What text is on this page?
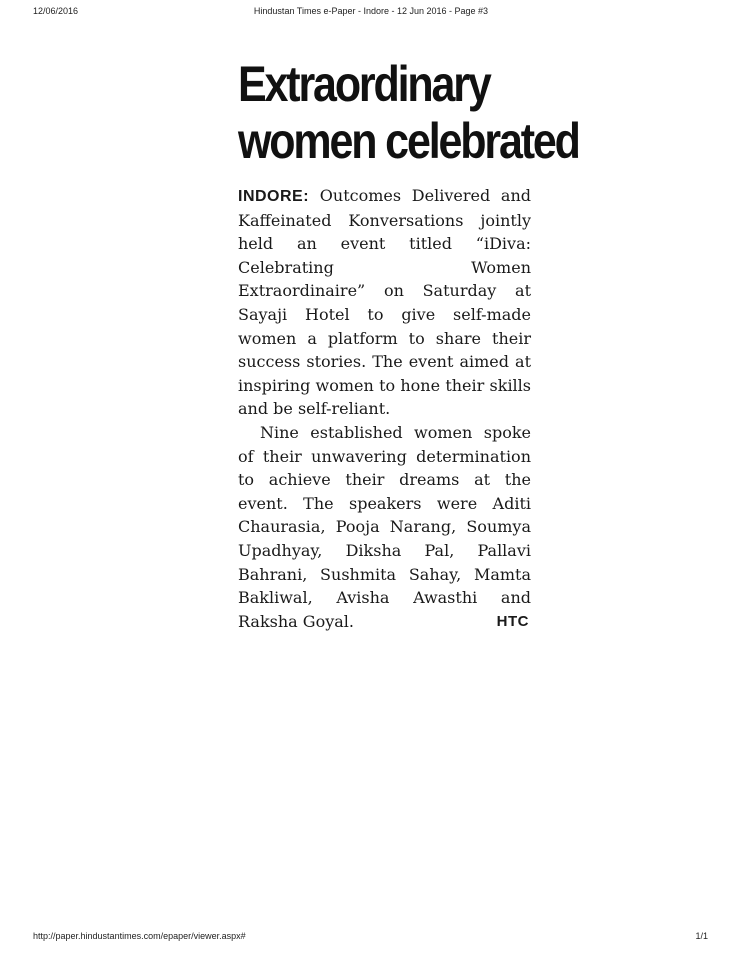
12/06/2016	Hindustan Times e-Paper - Indore - 12 Jun 2016 - Page #3
Extraordinary
women celebrated

INDORE: Outcomes Delivered and Kaffeinated Konversations jointly held an event titled “iDiva: Celebrating Women Extraordinaire” on Saturday at Sayaji Hotel to give self-made women a platform to share their success stories. The event aimed at inspiring women to hone their skills and be self-reliant.

Nine established women spoke of their unwavering determination to achieve their dreams at the event. The speakers were Aditi Chaurasia, Pooja Narang, Soumya Upadhyay, Diksha Pal, Pallavi Bahrani, Sushmita Sahay, Mamta Bakliwal, Avisha Awasthi and Raksha Goyal.	HTC

http://paper.hindustantimes.com/epaper/viewer.aspx#	1/1
